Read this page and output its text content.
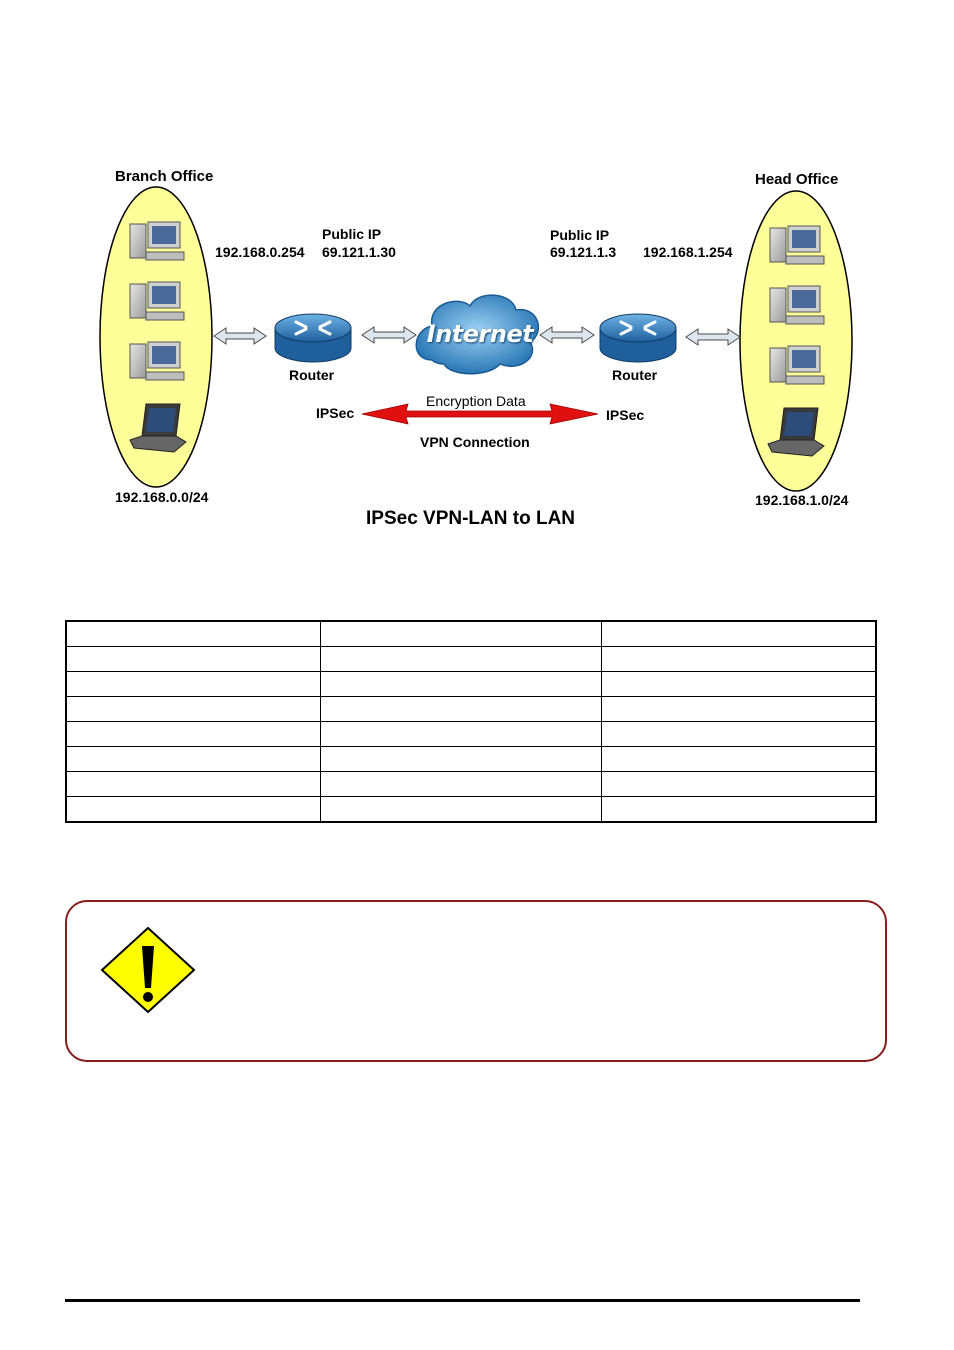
Branch Office	Head Office
192.168.0.254
Public IP
69.121.1.30
Public IP
69.121.1.3 192.168.1.254
Internet
Router	Router
IPSec	IPSec
Encryption Data
VPN Connection
192.168.0.0/24	192.168.1.0/24
IPSec VPN-LAN to LAN
